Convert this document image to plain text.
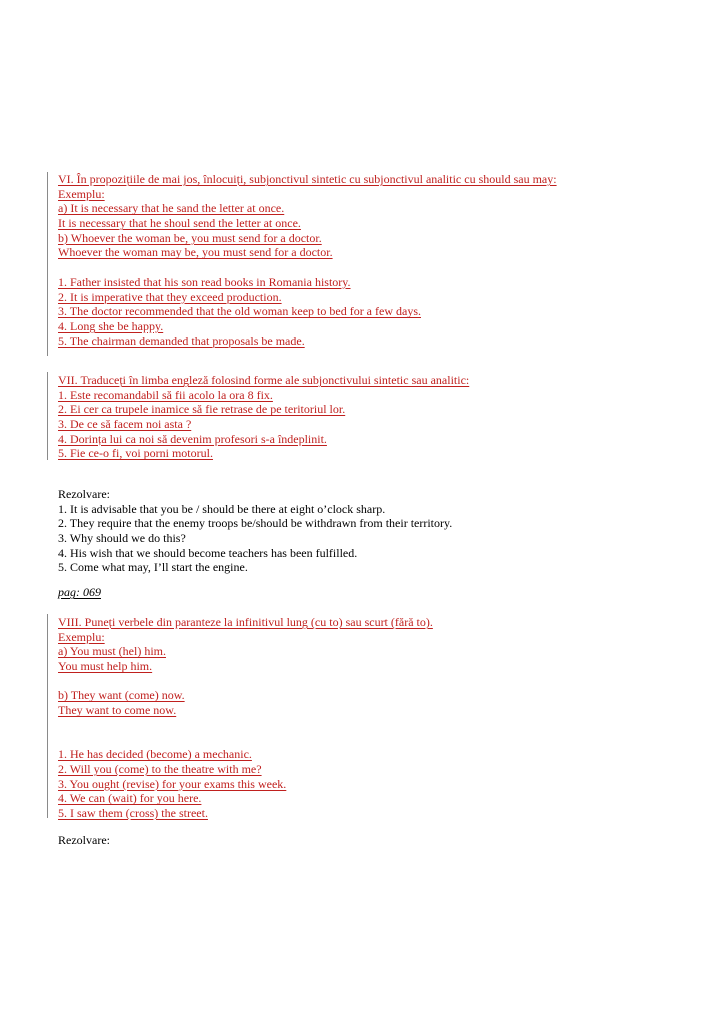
VI. În propozițiile de mai jos, înlocuiți, subjonctivul sintetic cu subjonctivul analitic cu should sau may:
Exemplu:
a) It is necessary that he sand the letter at once.
It is necessary that he shoul send the letter at once.
b) Whoever the woman be, you must send for a doctor.
Whoever the woman may be, you must send for a doctor.
1. Father insisted that his son read books in Romania history.
2. It is imperative that they exceed production.
3. The doctor recommended that the old woman keep to bed for a few days.
4. Long she be happy.
5. The chairman demanded that proposals be made.
VII. Traduceți în limba engleză folosind forme ale subjonctivului sintetic sau analitic:
1. Este recomandabil să fii acolo la ora 8 fix.
2. Ei cer ca trupele inamice să fie retrase de pe teritoriul lor.
3. De ce să facem noi asta ?
4. Dorința lui ca noi să devenim profesori s-a îndeplinit.
5. Fie ce-o fi, voi porni motorul.
Rezolvare:
1. It is advisable that you be / should be there at eight o’clock sharp.
2. They require that the enemy troops be/should be withdrawn from their territory.
3. Why should we do this?
4. His wish that we should become teachers has been fulfilled.
5. Come what may, I’ll start the engine.
pag: 069
VIII. Puneți verbele din paranteze la infinitivul lung (cu to) sau scurt (fără to).
Exemplu:
a) You must (hel) him.
You must help him.
b) They want (come) now.
They want to come now.
1. He has decided (become) a mechanic.
2. Will you (come) to the theatre with me?
3. You ought (revise) for your exams this week.
4. We can (wait) for you here.
5. I saw them (cross) the street.
Rezolvare:
